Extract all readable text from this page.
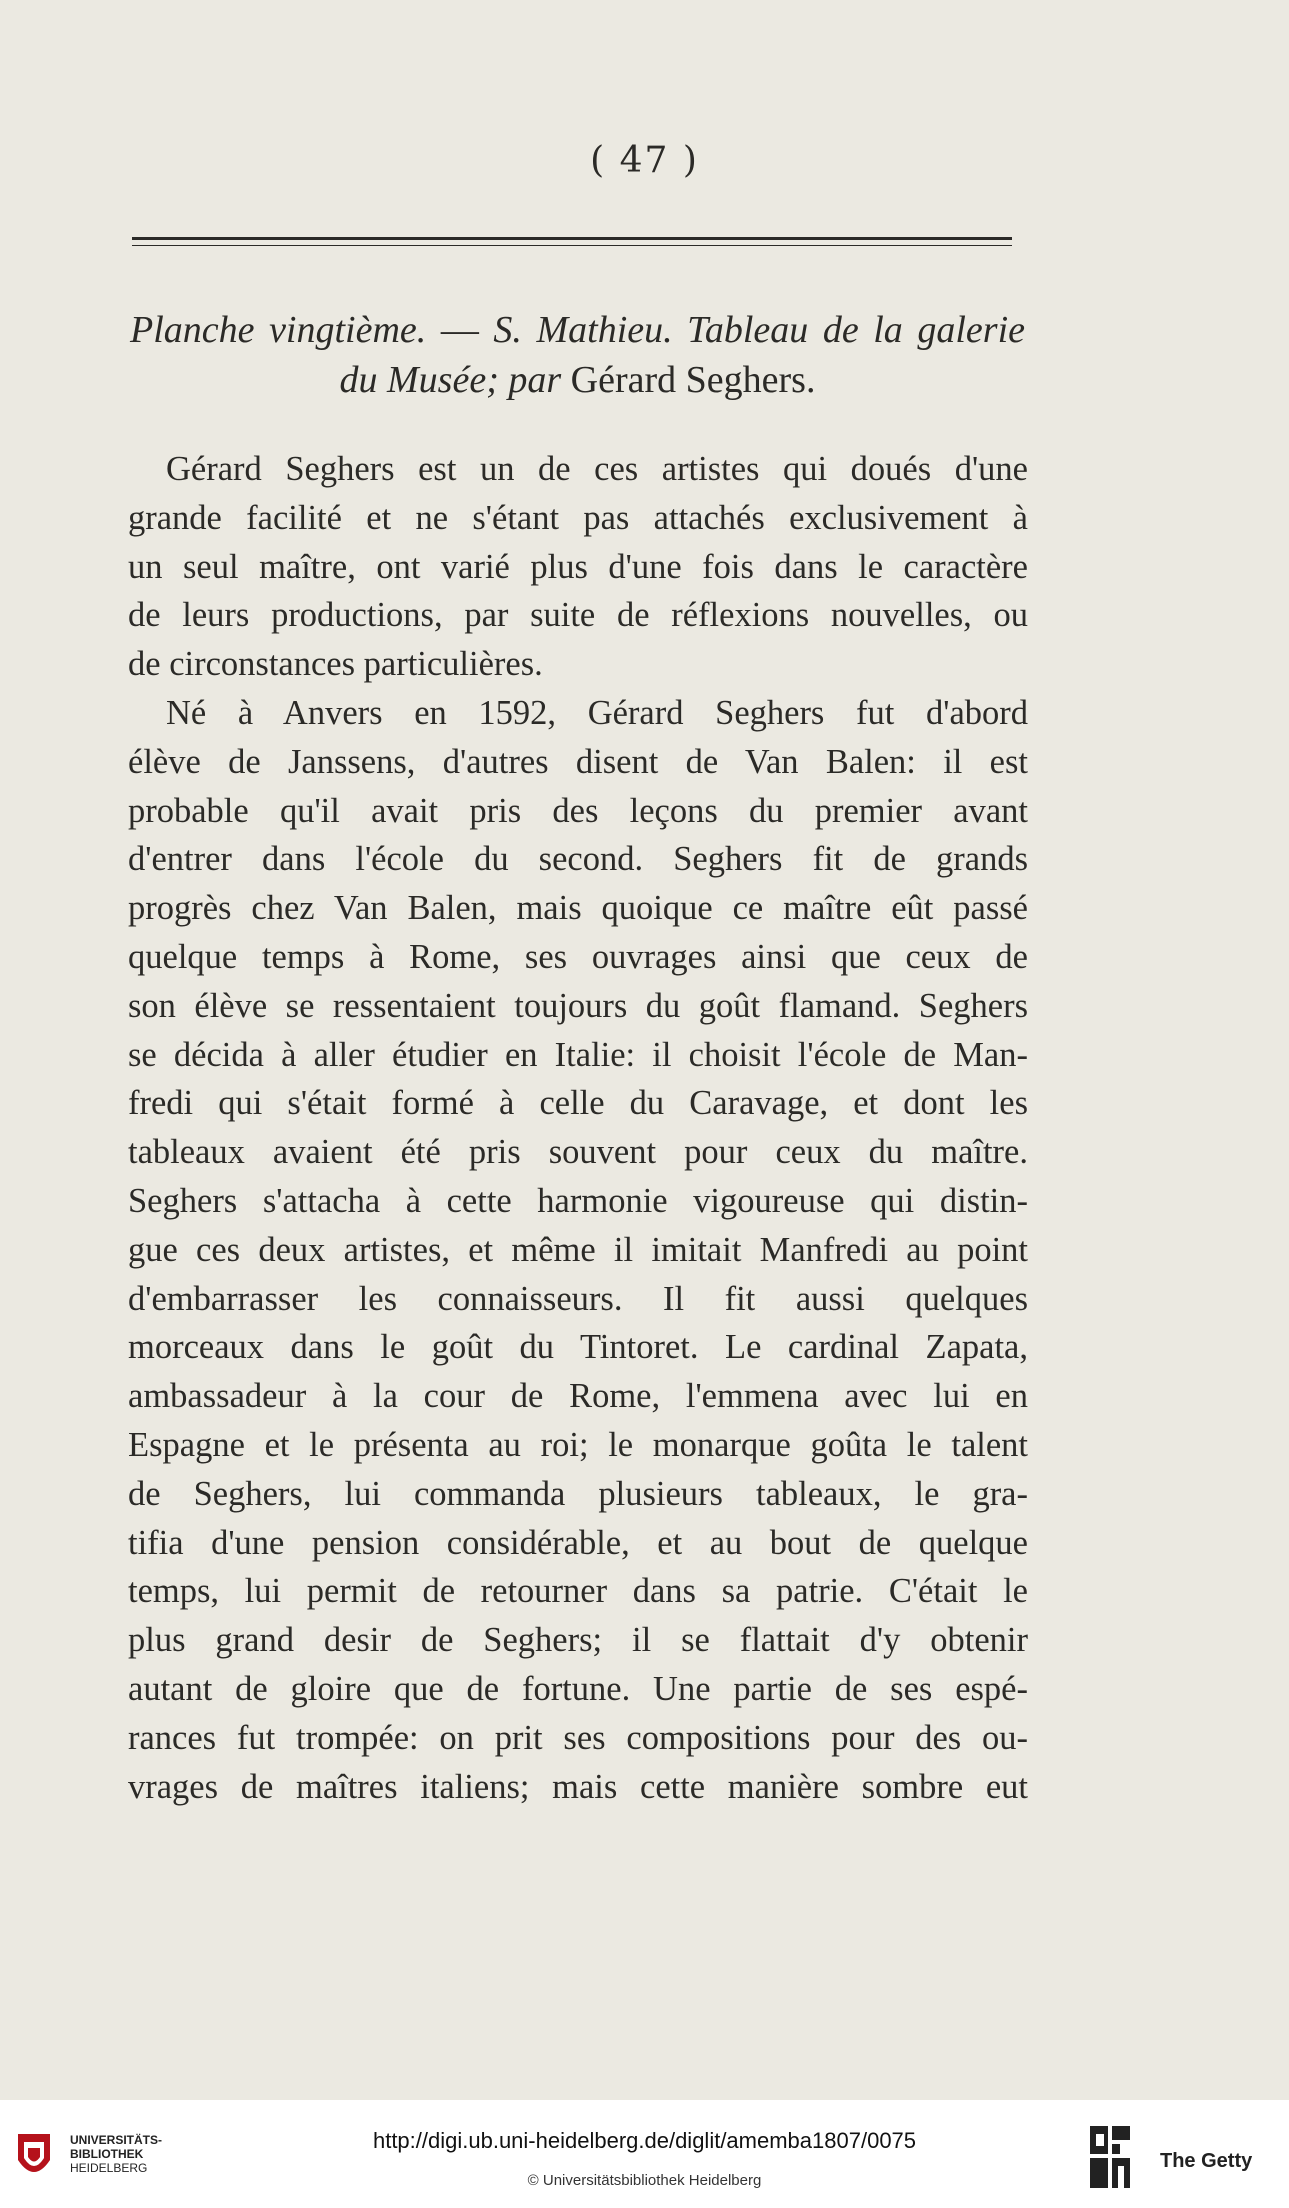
( 47 )
Planche vingtième. — S. Mathieu. Tableau de la galerie
du Musée; par Gérard Seghers.
Gérard Seghers est un de ces artistes qui doués d'une
grande facilité et ne s'étant pas attachés exclusivement à
un seul maître, ont varié plus d'une fois dans le caractère
de leurs productions, par suite de réflexions nouvelles, ou
de circonstances particulières.
Né à Anvers en 1592, Gérard Seghers fut d'abord
élève de Janssens, d'autres disent de Van Balen: il est
probable qu'il avait pris des leçons du premier avant
d'entrer dans l'école du second. Seghers fit de grands
progrès chez Van Balen, mais quoique ce maître eût passé
quelque temps à Rome, ses ouvrages ainsi que ceux de
son élève se ressentaient toujours du goût flamand. Seghers
se décida à aller étudier en Italie: il choisit l'école de Man-
fredi qui s'était formé à celle du Caravage, et dont les
tableaux avaient été pris souvent pour ceux du maître.
Seghers s'attacha à cette harmonie vigoureuse qui distin-
gue ces deux artistes, et même il imitait Manfredi au point
d'embarrasser les connaisseurs. Il fit aussi quelques
morceaux dans le goût du Tintoret. Le cardinal Zapata,
ambassadeur à la cour de Rome, l'emmena avec lui en
Espagne et le présenta au roi; le monarque goûta le talent
de Seghers, lui commanda plusieurs tableaux, le gra-
tifia d'une pension considérable, et au bout de quelque
temps, lui permit de retourner dans sa patrie. C'était le
plus grand desir de Seghers; il se flattait d'y obtenir
autant de gloire que de fortune. Une partie de ses espé-
rances fut trompée: on prit ses compositions pour des ou-
vrages de maîtres italiens; mais cette manière sombre eut
UNIVERSITÄTS-
BIBLIOTHEK
HEIDELBERG
http://digi.ub.uni-heidelberg.de/diglit/amemba1807/0075
© Universitätsbibliothek Heidelberg
The Getty
